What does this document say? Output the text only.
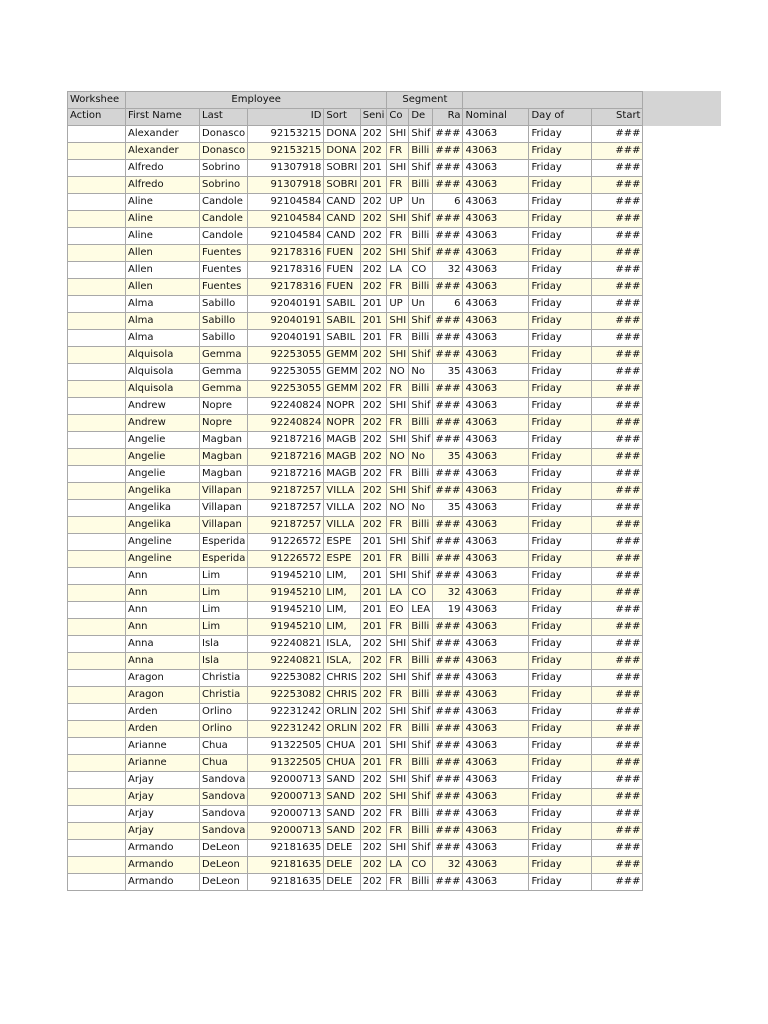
Workshee	Employee					Segment					
Action	First Name	Last	ID	Sort	Seni	Co	De	Ra	Nominal	Day of	Start
	Alexander	Donasco	92153215	DONA	202	SHI	Shif	###	43063	Friday	###
	Alexander	Donasco	92153215	DONA	202	FR	Billi	###	43063	Friday	###
	Alfredo	Sobrino	91307918	SOBRI	201	SHI	Shif	###	43063	Friday	###
	Alfredo	Sobrino	91307918	SOBRI	201	FR	Billi	###	43063	Friday	###
	Aline	Candole	92104584	CAND	202	UP	Un	6	43063	Friday	###
	Aline	Candole	92104584	CAND	202	SHI	Shif	###	43063	Friday	###
	Aline	Candole	92104584	CAND	202	FR	Billi	###	43063	Friday	###
	Allen	Fuentes	92178316	FUEN	202	SHI	Shif	###	43063	Friday	###
	Allen	Fuentes	92178316	FUEN	202	LA	CO	32	43063	Friday	###
	Allen	Fuentes	92178316	FUEN	202	FR	Billi	###	43063	Friday	###
	Alma	Sabillo	92040191	SABIL	201	UP	Un	6	43063	Friday	###
	Alma	Sabillo	92040191	SABIL	201	SHI	Shif	###	43063	Friday	###
	Alma	Sabillo	92040191	SABIL	201	FR	Billi	###	43063	Friday	###
	Alquisola	Gemma	92253055	GEMM	202	SHI	Shif	###	43063	Friday	###
	Alquisola	Gemma	92253055	GEMM	202	NO	No	35	43063	Friday	###
	Alquisola	Gemma	92253055	GEMM	202	FR	Billi	###	43063	Friday	###
	Andrew	Nopre	92240824	NOPR	202	SHI	Shif	###	43063	Friday	###
	Andrew	Nopre	92240824	NOPR	202	FR	Billi	###	43063	Friday	###
	Angelie	Magban	92187216	MAGB	202	SHI	Shif	###	43063	Friday	###
	Angelie	Magban	92187216	MAGB	202	NO	No	35	43063	Friday	###
	Angelie	Magban	92187216	MAGB	202	FR	Billi	###	43063	Friday	###
	Angelika	Villapan	92187257	VILLA	202	SHI	Shif	###	43063	Friday	###
	Angelika	Villapan	92187257	VILLA	202	NO	No	35	43063	Friday	###
	Angelika	Villapan	92187257	VILLA	202	FR	Billi	###	43063	Friday	###
	Angeline	Esperida	91226572	ESPE	201	SHI	Shif	###	43063	Friday	###
	Angeline	Esperida	91226572	ESPE	201	FR	Billi	###	43063	Friday	###
	Ann	Lim	91945210	LIM,	201	SHI	Shif	###	43063	Friday	###
	Ann	Lim	91945210	LIM,	201	LA	CO	32	43063	Friday	###
	Ann	Lim	91945210	LIM,	201	EO	LEA	19	43063	Friday	###
	Ann	Lim	91945210	LIM,	201	FR	Billi	###	43063	Friday	###
	Anna	Isla	92240821	ISLA,	202	SHI	Shif	###	43063	Friday	###
	Anna	Isla	92240821	ISLA,	202	FR	Billi	###	43063	Friday	###
	Aragon	Christia	92253082	CHRIS	202	SHI	Shif	###	43063	Friday	###
	Aragon	Christia	92253082	CHRIS	202	FR	Billi	###	43063	Friday	###
	Arden	Orlino	92231242	ORLIN	202	SHI	Shif	###	43063	Friday	###
	Arden	Orlino	92231242	ORLIN	202	FR	Billi	###	43063	Friday	###
	Arianne	Chua	91322505	CHUA	201	SHI	Shif	###	43063	Friday	###
	Arianne	Chua	91322505	CHUA	201	FR	Billi	###	43063	Friday	###
	Arjay	Sandova	92000713	SAND	202	SHI	Shif	###	43063	Friday	###
	Arjay	Sandova	92000713	SAND	202	SHI	Shif	###	43063	Friday	###
	Arjay	Sandova	92000713	SAND	202	FR	Billi	###	43063	Friday	###
	Arjay	Sandova	92000713	SAND	202	FR	Billi	###	43063	Friday	###
	Armando	DeLeon	92181635	DELE	202	SHI	Shif	###	43063	Friday	###
	Armando	DeLeon	92181635	DELE	202	LA	CO	32	43063	Friday	###
	Armando	DeLeon	92181635	DELE	202	FR	Billi	###	43063	Friday	###
